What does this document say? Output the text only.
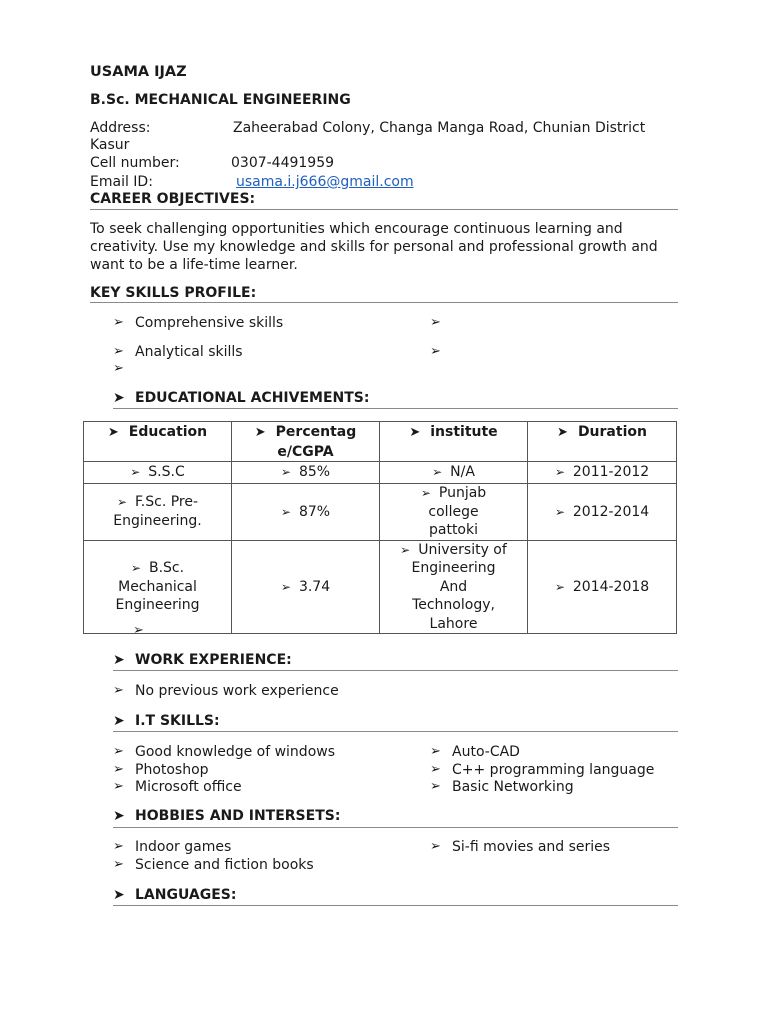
USAMA IJAZ
B.Sc. MECHANICAL ENGINEERING
Address:	Zaheerabad Colony, Changa Manga Road, Chunian District
Kasur
Cell number:	0307-4491959
Email ID:	usama.i.j666@gmail.com
CAREER OBJECTIVES:
To seek challenging opportunities which encourage continuous learning and
creativity. Use my knowledge and skills for personal and professional growth and
want to be a life-time learner.
KEY SKILLS PROFILE:
➢ Comprehensive skills	➢
➢ Analytical skills	➢
➢
➤ EDUCATIONAL ACHIVEMENTS:
➤ Education	➤ Percentag
e/CGPA	➤ institute	➤ Duration
➢ S.S.C	➢ 85%	➢ N/A	➢ 2011-2012
➢ F.Sc. Pre-
Engineering.	➢ 87%	➢ Punjab
college
pattoki	➢ 2012-2014
➢ B.Sc.
Mechanical
Engineering	➢ 3.74	➢ University of
Engineering
And
Technology,
Lahore	➢ 2014-2018
➢
➤ WORK EXPERIENCE:
➢ No previous work experience
➤ I.T SKILLS:
➢ Good knowledge of windows
➢ Photoshop
➢ Microsoft office
➢ Auto-CAD
➢ C++ programming language
➢ Basic Networking
➤ HOBBIES AND INTERSETS:
➢ Indoor games
➢ Science and fiction books
➢ Si-fi movies and series
➤ LANGUAGES:
